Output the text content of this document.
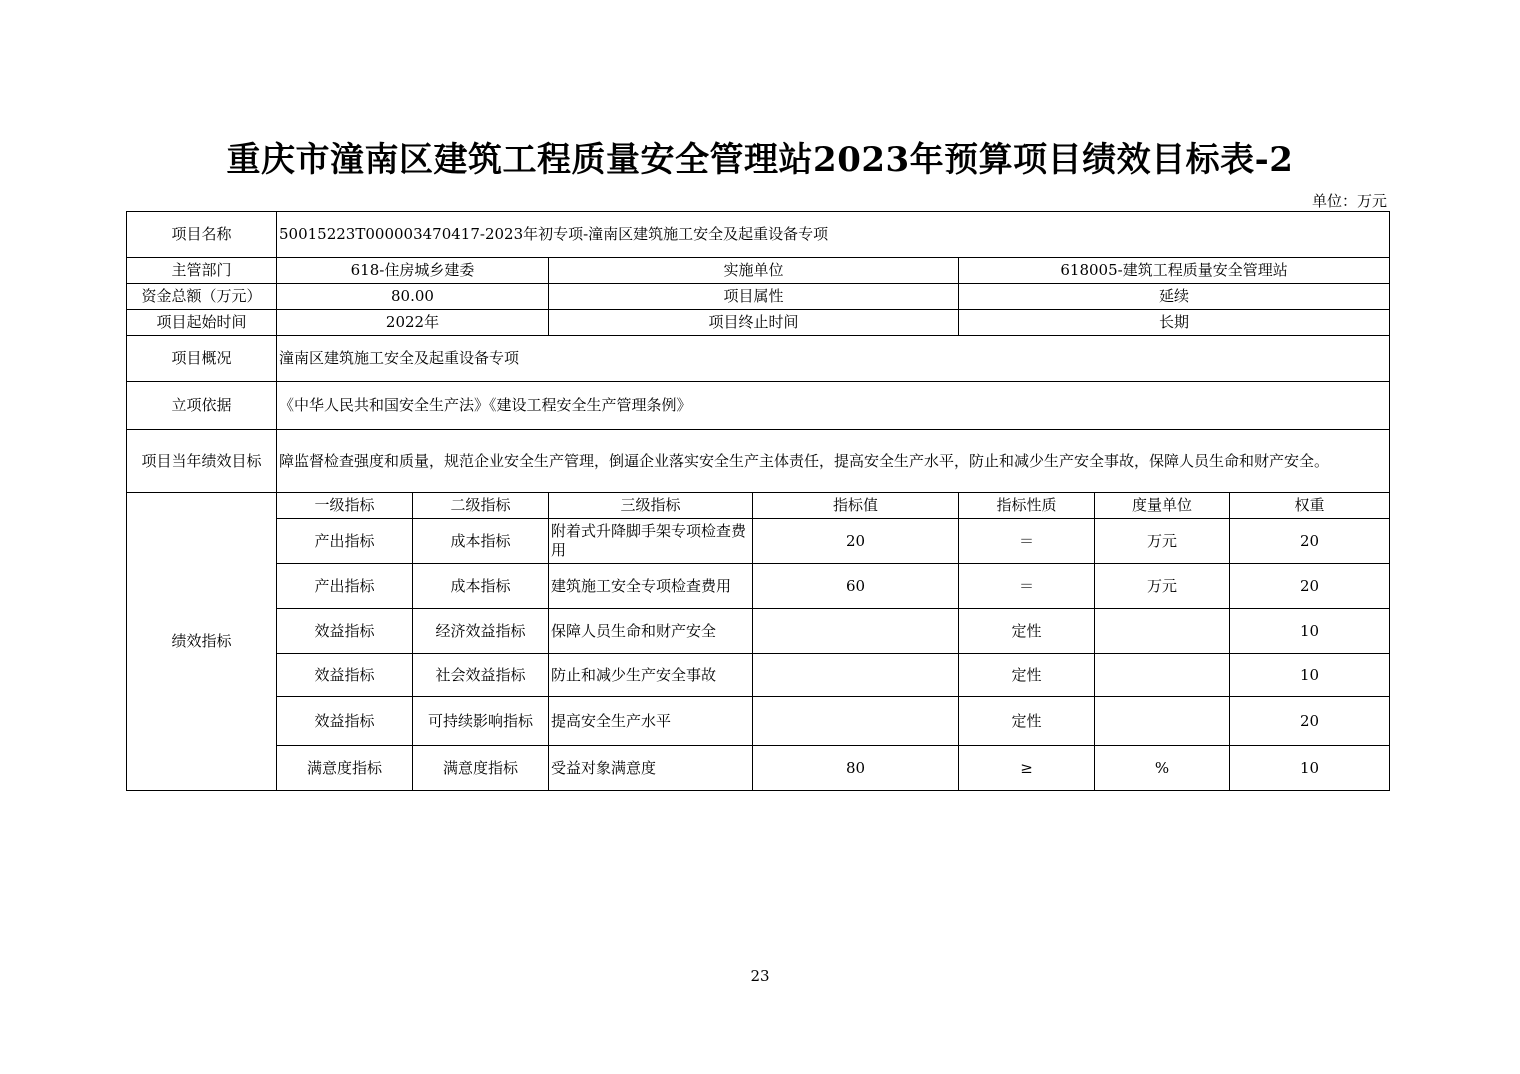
重庆市潼南区建筑工程质量安全管理站2023年预算项目绩效目标表-2
单位：万元
项目名称	50015223T000003470417-2023年初专项-潼南区建筑施工安全及起重设备专项						
主管部门	618-住房城乡建委		实施单位		618005-建筑工程质量安全管理站		
资金总额（万元）	80.00		项目属性		延续		
项目起始时间	2022年		项目终止时间		长期		
项目概况	潼南区建筑施工安全及起重设备专项						
立项依据	《中华人民共和国安全生产法》《建设工程安全生产管理条例》						
项目当年绩效目标	障监督检查强度和质量，规范企业安全生产管理，倒逼企业落实安全生产主体责任，提高安全生产水平，防止和减少生产安全事故，保障人员生命和财产安全。						
绩效指标	一级指标	二级指标	三级指标	指标值	指标性质	度量单位	权重
	产出指标	成本指标	附着式升降脚手架专项检查费用	20	＝	万元	20
	产出指标	成本指标	建筑施工安全专项检查费用	60	＝	万元	20
	效益指标	经济效益指标	保障人员生命和财产安全		定性		10
	效益指标	社会效益指标	防止和减少生产安全事故		定性		10
	效益指标	可持续影响指标	提高安全生产水平		定性		20
	满意度指标	满意度指标	受益对象满意度	80	≥	%	10
23
